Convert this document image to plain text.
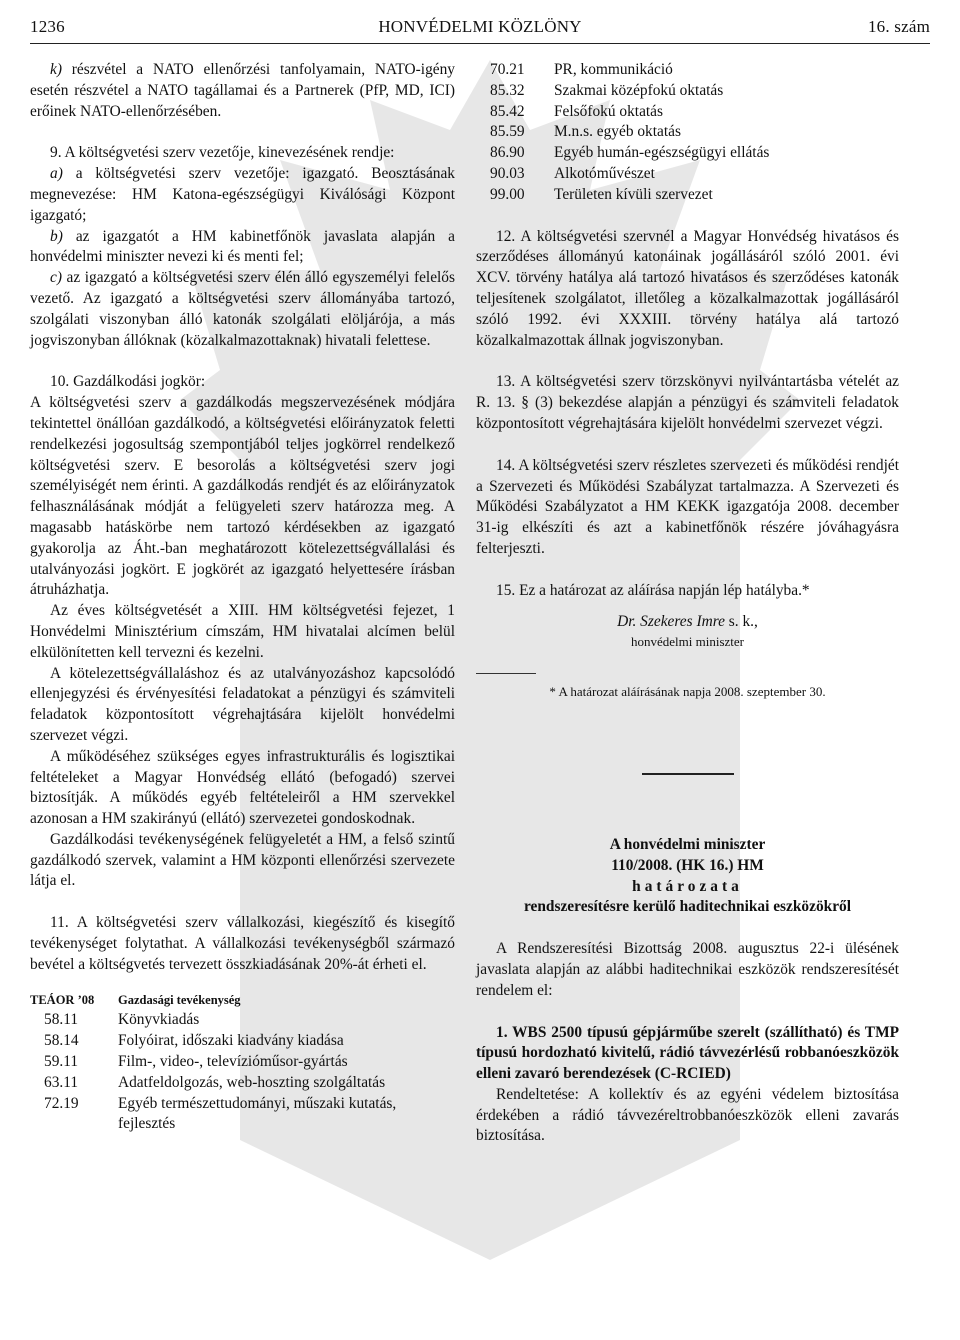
1236	HONVÉDELMI KÖZLÖNY	16. szám

k) részvétel a NATO ellenőrzési tanfolyamain, NATO-igény esetén részvétel a NATO tagállamai és a Partnerek (PfP, MD, ICI) erőinek NATO-ellenőrzésében.

9. A költségvetési szerv vezetője, kinevezésének rendje:

a) a költségvetési szerv vezetője: igazgató. Beosztásának megnevezése: HM Katona-egészségügyi Kiválósági Központ igazgató;

b) az igazgatót a HM kabinetfőnök javaslata alapján a honvédelmi miniszter nevezi ki és menti fel;

c) az igazgató a költségvetési szerv élén álló egyszemélyi felelős vezető. Az igazgató a költségvetési szerv állományába tartozó, szolgálati viszonyban álló katonák szolgálati elöljárója, a más jogviszonyban állóknak (közalkalmazottaknak) hivatali felettese.

10. Gazdálkodási jogkör:

A költségvetési szerv a gazdálkodás megszervezésének módjára tekintettel önállóan gazdálkodó, a költségvetési előirányzatok feletti rendelkezési jogosultság szempontjából teljes jogkörrel rendelkező költségvetési szerv. E besorolás a költségvetési szerv jogi személyiségét nem érinti. A gazdálkodás rendjét és az előirányzatok felhasználásának módját a felügyeleti szerv határozza meg. A magasabb hatáskörbe nem tartozó kérdésekben az igazgató gyakorolja az Áht.-ban meghatározott kötelezettségvállalási és utalványozási jogkört. E jogkörét az igazgató helyettesére írásban átruházhatja.

Az éves költségvetését a XIII. HM költségvetési fejezet, 1 Honvédelmi Minisztérium címszám, HM hivatalai alcímen belül elkülönítetten kell tervezni és kezelni.

A kötelezettségvállaláshoz és az utalványozáshoz kapcsolódó ellenjegyzési és érvényesítési feladatokat a pénzügyi és számviteli feladatok központosított végrehajtására kijelölt honvédelmi szervezet végzi.

A működéséhez szükséges egyes infrastrukturális és logisztikai feltételeket a Magyar Honvédség ellátó (befogadó) szervei biztosítják. A működés egyéb feltételeiről a HM szervekkel azonosan a HM szakirányú (ellátó) szervezetei gondoskodnak.

Gazdálkodási tevékenységének felügyeletét a HM, a felső szintű gazdálkodó szervek, valamint a HM központi ellenőrzési szervezete látja el.

11. A költségvetési szerv vállalkozási, kiegészítő és kisegítő tevékenységet folytathat. A vállalkozási tevékenységből származó bevétel a költségvetés tervezett összkiadásának 20%-át érheti el.

TEÁOR ’08	Gazdasági tevékenység
58.11	Könyvkiadás
58.14	Folyóirat, időszaki kiadvány kiadása
59.11	Film-, video-, televízióműsor-gyártás
63.11	Adatfeldolgozás, web-hoszting szolgáltatás
72.19	Egyéb természettudományi, műszaki kutatás, fejlesztés
70.21	PR, kommunikáció
85.32	Szakmai középfokú oktatás
85.42	Felsőfokú oktatás
85.59	M.n.s. egyéb oktatás
86.90	Egyéb humán-egészségügyi ellátás
90.03	Alkotóművészet
99.00	Területen kívüli szervezet

12. A költségvetési szervnél a Magyar Honvédség hivatásos és szerződéses állományú katonáinak jogállásáról szóló 2001. évi XCV. törvény hatálya alá tartozó hivatásos és szerződéses katonák teljesítenek szolgálatot, illetőleg a közalkalmazottak jogállásáról szóló 1992. évi XXXIII. törvény hatálya alá tartozó közalkalmazottak állnak jogviszonyban.

13. A költségvetési szerv törzskönyvi nyilvántartásba vételét az R. 13. § (3) bekezdése alapján a pénzügyi és számviteli feladatok központosított végrehajtására kijelölt honvédelmi szervezet végzi.

14. A költségvetési szerv részletes szervezeti és működési rendjét a Szervezeti és Működési Szabályzat tartalmazza. A Szervezeti és Működési Szabályzatot a HM KEKK igazgatója 2008. december 31-ig elkészíti és azt a kabinetfőnök részére jóváhagyásra felterjeszti.

15. Ez a határozat az aláírása napján lép hatályba.*

Dr. Szekeres Imre s. k.,
honvédelmi miniszter
* A határozat aláírásának napja 2008. szeptember 30.
A honvédelmi miniszter
110/2008. (HK 16.) HM
határozata
rendszeresítésre kerülő haditechnikai eszközökről

A Rendszeresítési Bizottság 2008. augusztus 22-i ülésének javaslata alapján az alábbi haditechnikai eszközök rendszeresítését rendelem el:

1. WBS 2500 típusú gépjárműbe szerelt (szállítható) és TMP típusú hordozható kivitelű, rádió távvezérlésű robbanóeszközök elleni zavaró berendezések (C-RCIED)

Rendeltetése: A kollektív és az egyéni védelem biztosítása érdekében a rádió távvezéreltrobbanóeszközök elleni zavarás biztosítása.
